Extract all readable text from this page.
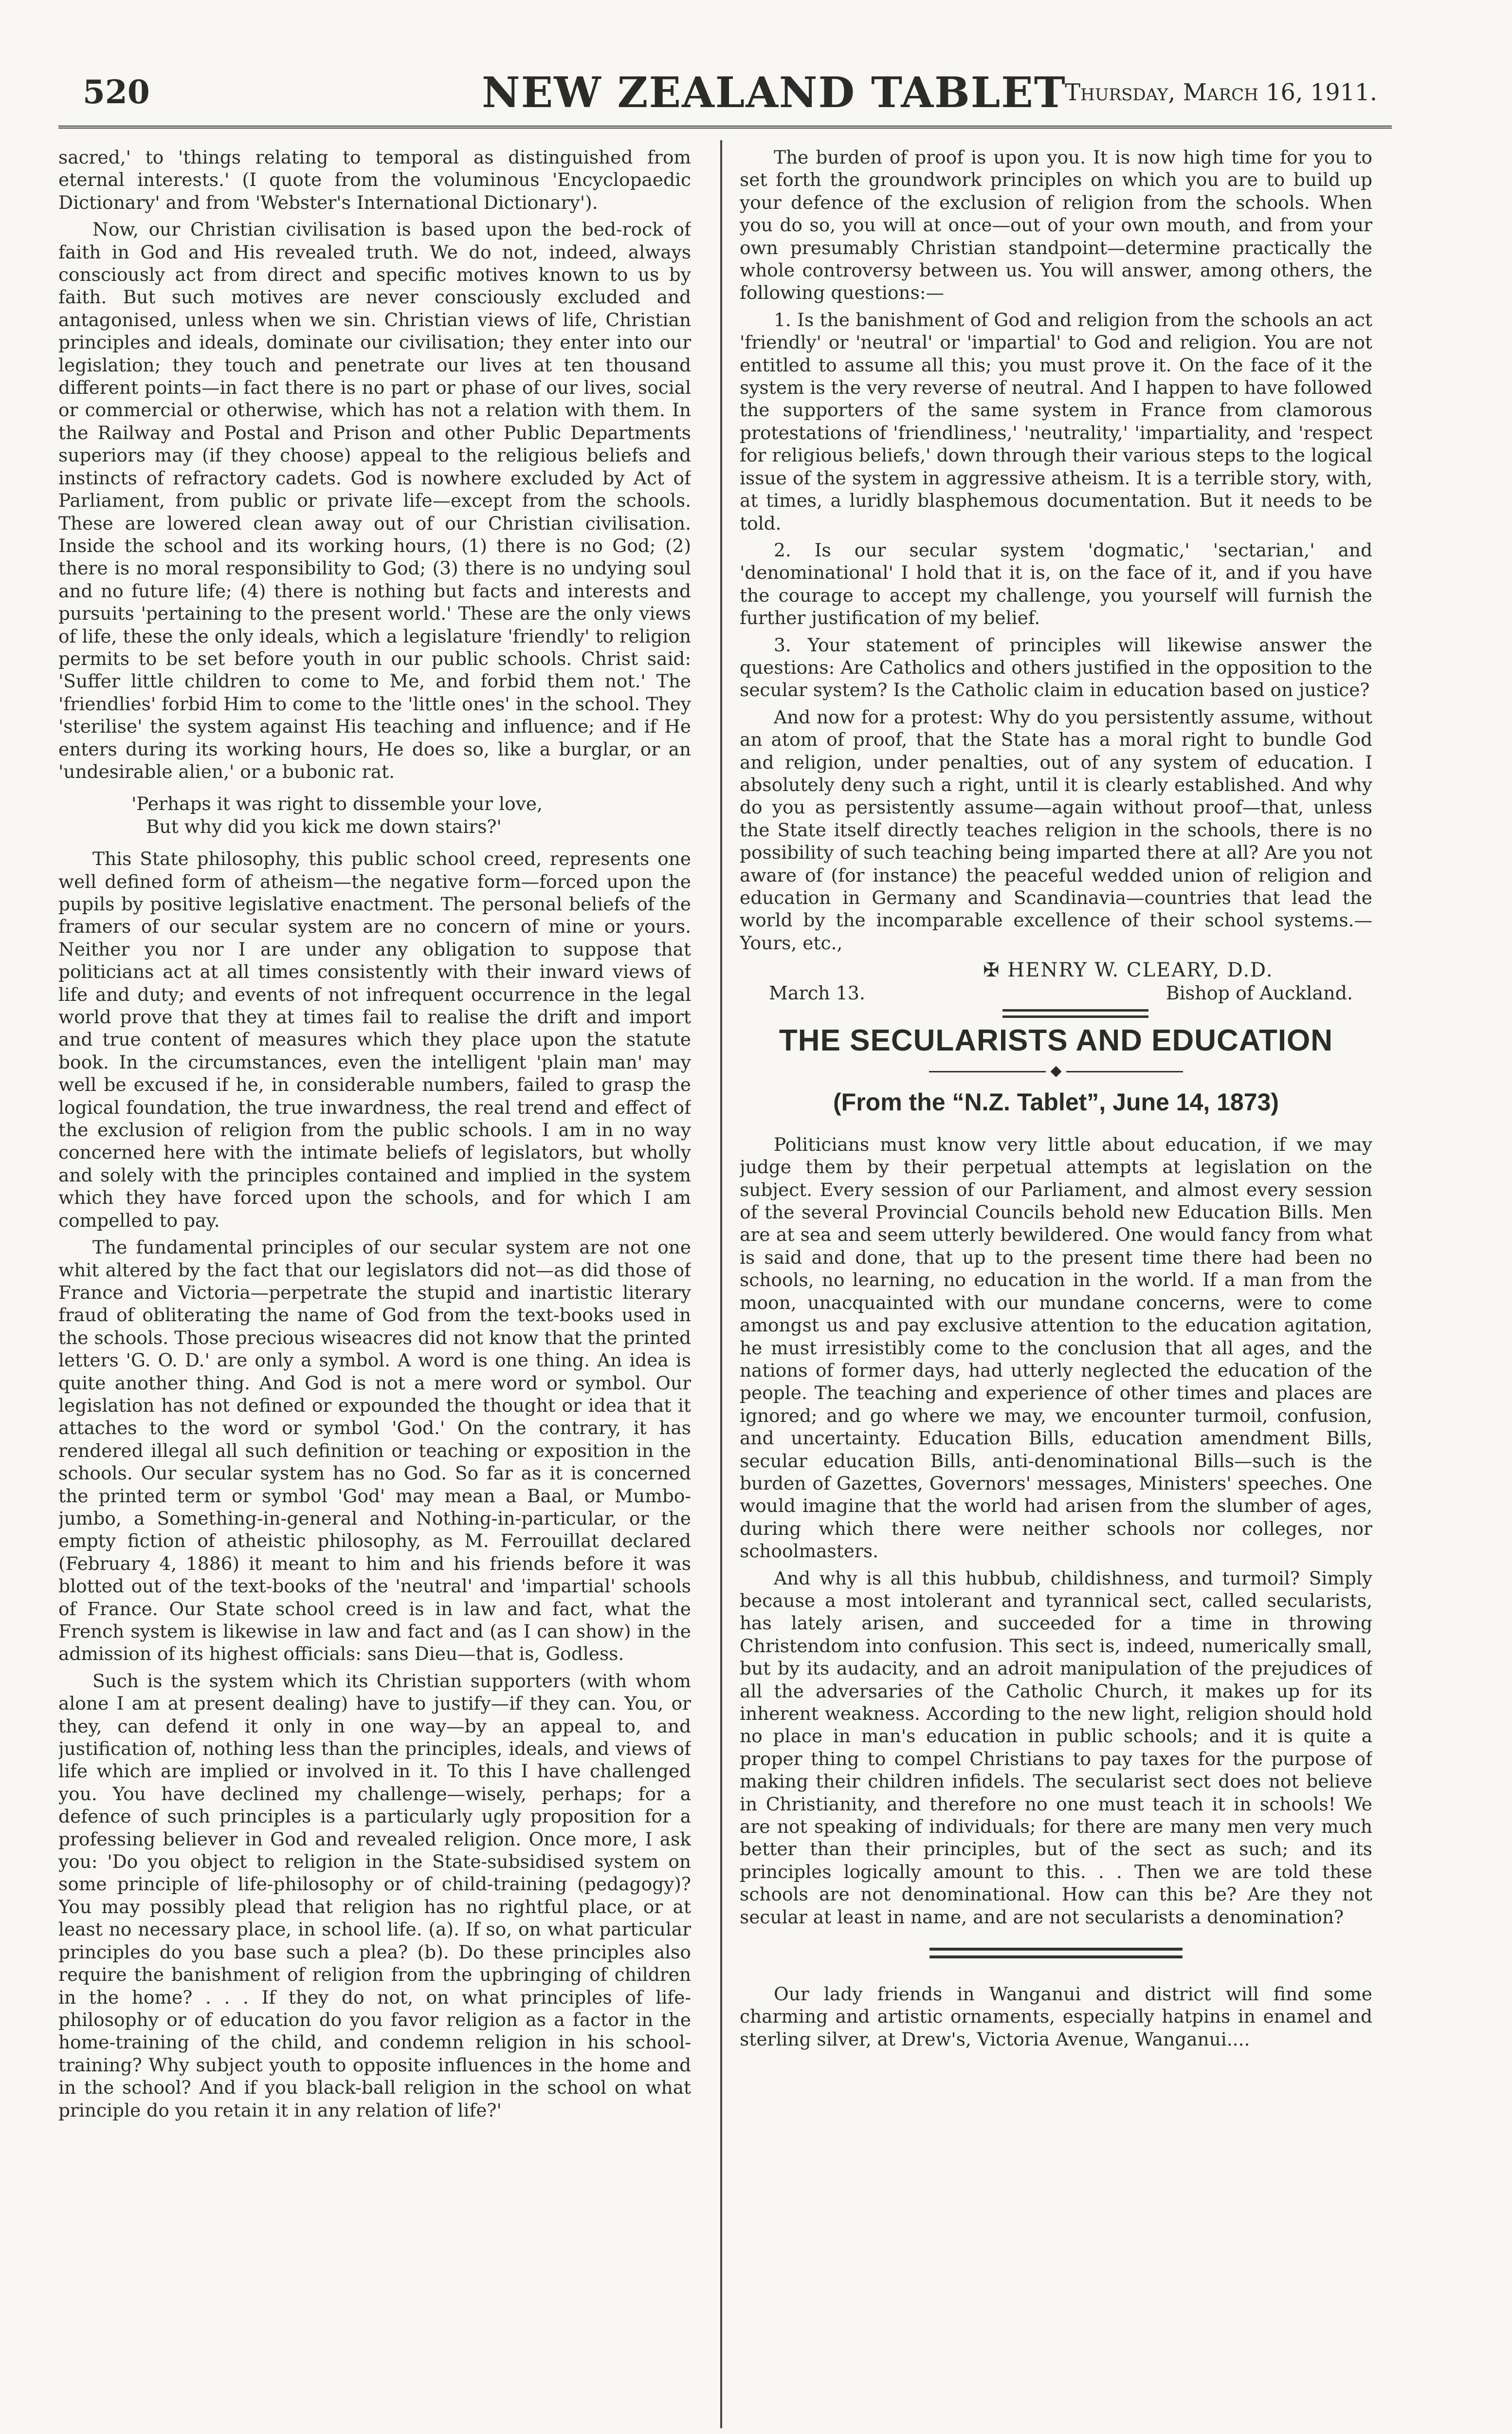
520	NEW ZEALAND TABLET
Thursday, March 16, 1911.

sacred,' to 'things relating to temporal as distinguished from eternal interests.' (I quote from the voluminous 'Encyclopaedic Dictionary' and from 'Webster's International Dictionary').

Now, our Christian civilisation is based upon the bed-rock of faith in God and His revealed truth. We do not, indeed, always consciously act from direct and specific motives known to us by faith. But such motives are never consciously excluded and antagonised, unless when we sin. Christian views of life, Christian principles and ideals, dominate our civilisation; they enter into our legislation; they touch and penetrate our lives at ten thousand different points—in fact there is no part or phase of our lives, social or commercial or otherwise, which has not a relation with them. In the Railway and Postal and Prison and other Public Departments superiors may (if they choose) appeal to the religious beliefs and instincts of refractory cadets. God is nowhere excluded by Act of Parliament, from public or private life—except from the schools. These are lowered clean away out of our Christian civilisation. Inside the school and its working hours, (1) there is no God; (2) there is no moral responsibility to God; (3) there is no undying soul and no future life; (4) there is nothing but facts and interests and pursuits 'pertaining to the present world.' These are the only views of life, these the only ideals, which a legislature 'friendly' to religion permits to be set before youth in our public schools. Christ said: 'Suffer little children to come to Me, and forbid them not.' The 'friendlies' forbid Him to come to the 'little ones' in the school. They 'sterilise' the system against His teaching and influence; and if He enters during its working hours, He does so, like a burglar, or an 'undesirable alien,' or a bubonic rat.

'Perhaps it was right to dissemble your love,
But why did you kick me down stairs?'

This State philosophy, this public school creed, represents one well defined form of atheism—the negative form—forced upon the pupils by positive legislative enactment. The personal beliefs of the framers of our secular system are no concern of mine or yours. Neither you nor I are under any obligation to suppose that politicians act at all times consistently with their inward views of life and duty; and events of not infrequent occurrence in the legal world prove that they at times fail to realise the drift and import and true content of measures which they place upon the statute book. In the circumstances, even the intelligent 'plain man' may well be excused if he, in considerable numbers, failed to grasp the logical foundation, the true inwardness, the real trend and effect of the exclusion of religion from the public schools. I am in no way concerned here with the intimate beliefs of legislators, but wholly and solely with the principles contained and implied in the system which they have forced upon the schools, and for which I am compelled to pay.

The fundamental principles of our secular system are not one whit altered by the fact that our legislators did not—as did those of France and Victoria—perpetrate the stupid and inartistic literary fraud of obliterating the name of God from the text-books used in the schools. Those precious wiseacres did not know that the printed letters 'G. O. D.' are only a symbol. A word is one thing. An idea is quite another thing. And God is not a mere word or symbol. Our legislation has not defined or expounded the thought or idea that it attaches to the word or symbol 'God.' On the contrary, it has rendered illegal all such definition or teaching or exposition in the schools. Our secular system has no God. So far as it is concerned the printed term or symbol 'God' may mean a Baal, or Mumbo-jumbo, a Something-in-general and Nothing-in-particular, or the empty fiction of atheistic philosophy, as M. Ferrouillat declared (February 4, 1886) it meant to him and his friends before it was blotted out of the text-books of the 'neutral' and 'impartial' schools of France. Our State school creed is in law and fact, what the French system is likewise in law and fact and (as I can show) in the admission of its highest officials: sans Dieu—that is, Godless.

Such is the system which its Christian supporters (with whom alone I am at present dealing) have to justify—if they can. You, or they, can defend it only in one way—by an appeal to, and justification of, nothing less than the principles, ideals, and views of life which are implied or involved in it. To this I have challenged you. You have declined my challenge—wisely, perhaps; for a defence of such principles is a particularly ugly proposition for a professing believer in God and revealed religion. Once more, I ask you: 'Do you object to religion in the State-subsidised system on some principle of life-philosophy or of child-training (pedagogy)? You may possibly plead that religion has no rightful place, or at least no necessary place, in school life. (a). If so, on what particular principles do you base such a plea? (b). Do these principles also require the banishment of religion from the upbringing of children in the home? . . . If they do not, on what principles of life-philosophy or of education do you favor religion as a factor in the home-training of the child, and condemn religion in his school-training? Why subject youth to opposite influences in the home and in the school? And if you black-ball religion in the school on what principle do you retain it in any relation of life?'

The burden of proof is upon you. It is now high time for you to set forth the groundwork principles on which you are to build up your defence of the exclusion of religion from the schools. When you do so, you will at once—out of your own mouth, and from your own presumably Christian standpoint—determine practically the whole controversy between us. You will answer, among others, the following questions:—

1. Is the banishment of God and religion from the schools an act 'friendly' or 'neutral' or 'impartial' to God and religion. You are not entitled to assume all this; you must prove it. On the face of it the system is the very reverse of neutral. And I happen to have followed the supporters of the same system in France from clamorous protestations of 'friendliness,' 'neutrality,' 'impartiality, and 'respect for religious beliefs,' down through their various steps to the logical issue of the system in aggressive atheism. It is a terrible story, with, at times, a luridly blasphemous documentation. But it needs to be told.

2. Is our secular system 'dogmatic,' 'sectarian,' and 'denominational' I hold that it is, on the face of it, and if you have the courage to accept my challenge, you yourself will furnish the further justification of my belief.

3. Your statement of principles will likewise answer the questions: Are Catholics and others justified in the opposition to the secular system? Is the Catholic claim in education based on justice?

And now for a protest: Why do you persistently assume, without an atom of proof, that the State has a moral right to bundle God and religion, under penalties, out of any system of education. I absolutely deny such a right, until it is clearly established. And why do you as persistently assume—again without proof—that, unless the State itself directly teaches religion in the schools, there is no possibility of such teaching being imparted there at all? Are you not aware of (for instance) the peaceful wedded union of religion and education in Germany and Scandinavia—countries that lead the world by the incomparable excellence of their school systems.—Yours, etc.,

✠ HENRY W. CLEARY, D.D.
March 13.	Bishop of Auckland.
THE SECULARISTS AND EDUCATION
◆
(From the “N.Z. Tablet”, June 14, 1873)

Politicians must know very little about education, if we may judge them by their perpetual attempts at legislation on the subject. Every session of our Parliament, and almost every session of the several Provincial Councils behold new Education Bills. Men are at sea and seem utterly bewildered. One would fancy from what is said and done, that up to the present time there had been no schools, no learning, no education in the world. If a man from the moon, unacquainted with our mundane concerns, were to come amongst us and pay exclusive attention to the education agitation, he must irresistibly come to the conclusion that all ages, and the nations of former days, had utterly neglected the education of the people. The teaching and experience of other times and places are ignored; and go where we may, we encounter turmoil, confusion, and uncertainty. Education Bills, education amendment Bills, secular education Bills, anti-denominational Bills—such is the burden of Gazettes, Governors' messages, Ministers' speeches. One would imagine that the world had arisen from the slumber of ages, during which there were neither schools nor colleges, nor schoolmasters.

And why is all this hubbub, childishness, and turmoil? Simply because a most intolerant and tyrannical sect, called secularists, has lately arisen, and succeeded for a time in throwing Christendom into confusion. This sect is, indeed, numerically small, but by its audacity, and an adroit manipulation of the prejudices of all the adversaries of the Catholic Church, it makes up for its inherent weakness. According to the new light, religion should hold no place in man's education in public schools; and it is quite a proper thing to compel Christians to pay taxes for the purpose of making their children infidels. The secularist sect does not believe in Christianity, and therefore no one must teach it in schools! We are not speaking of individuals; for there are many men very much better than their principles, but of the sect as such; and its principles logically amount to this. . . Then we are told these schools are not denominational. How can this be? Are they not secular at least in name, and are not secularists a denomination?

Our lady friends in Wanganui and district will find some charming and artistic ornaments, especially hatpins in enamel and sterling silver, at Drew's, Victoria Avenue, Wanganui....
